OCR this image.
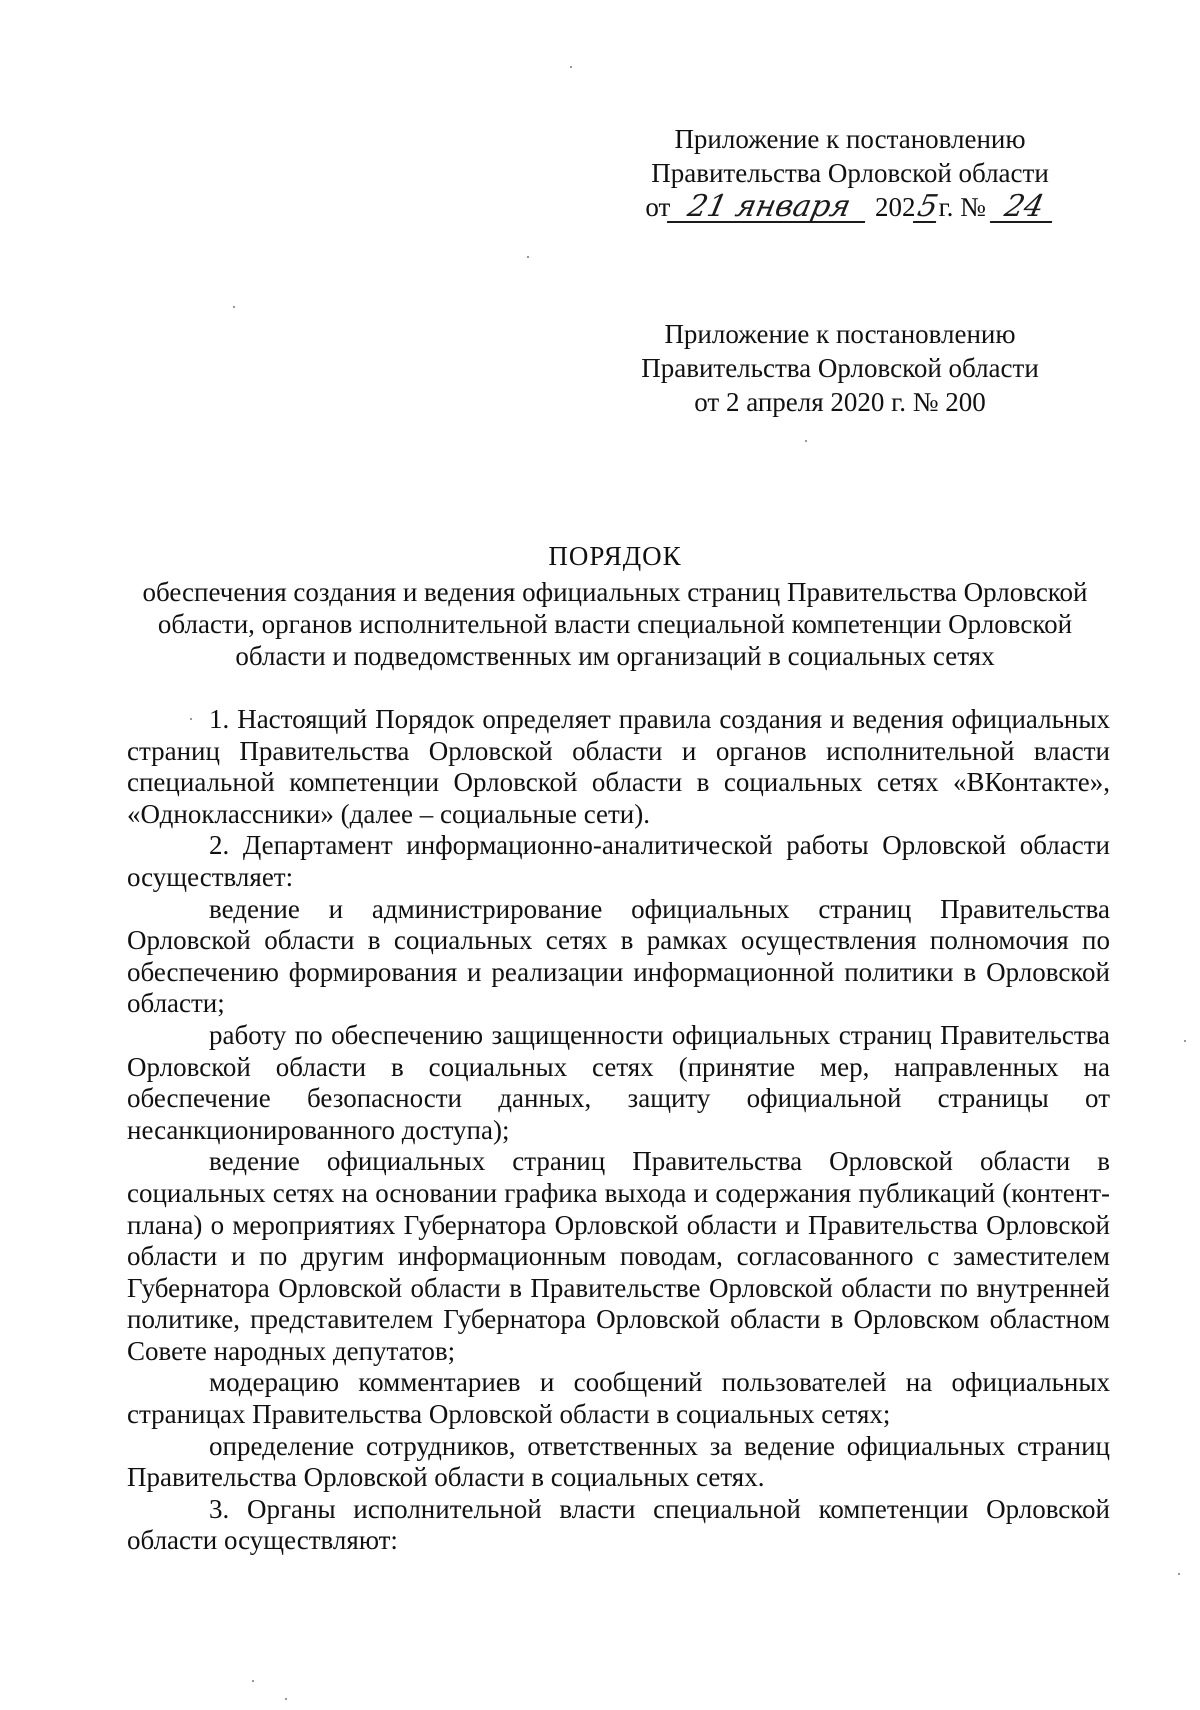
Приложение к постановлению
Правительства Орловской области
от 21 января 2025г. № 24
Приложение к постановлению
Правительства Орловской области
от 2 апреля 2020 г. № 200
ПОРЯДОК
обеспечения создания и ведения официальных страниц Правительства Орловской области, органов исполнительной власти специальной компетенции Орловской области и подведомственных им организаций в социальных сетях

1. Настоящий Порядок определяет правила создания и ведения официальных страниц Правительства Орловской области и органов исполнительной власти специальной компетенции Орловской области в социальных сетях «ВКонтакте», «Одноклассники» (далее – социальные сети).

2. Департамент информационно-аналитической работы Орловской области осуществляет:

ведение и администрирование официальных страниц Правительства Орловской области в социальных сетях в рамках осуществления полномочия по обеспечению формирования и реализации информационной политики в Орловской области;

работу по обеспечению защищенности официальных страниц Правительства Орловской области в социальных сетях (принятие мер, направленных на обеспечение безопасности данных, защиту официальной страницы от несанкционированного доступа);

ведение официальных страниц Правительства Орловской области в социальных сетях на основании графика выхода и содержания публикаций (контент-плана) о мероприятиях Губернатора Орловской области и Правительства Орловской области и по другим информационным поводам, согласованного с заместителем Губернатора Орловской области в Правительстве Орловской области по внутренней политике, представителем Губернатора Орловской области в Орловском областном Совете народных депутатов;

модерацию комментариев и сообщений пользователей на официальных страницах Правительства Орловской области в социальных сетях;

определение сотрудников, ответственных за ведение официальных страниц Правительства Орловской области в социальных сетях.

3. Органы исполнительной власти специальной компетенции Орловской области осуществляют:
